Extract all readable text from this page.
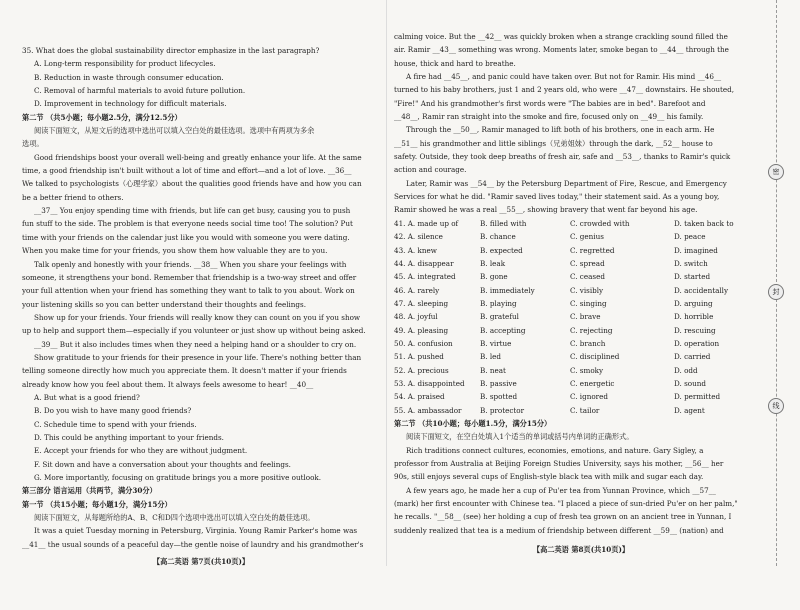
35. What does the global sustainability director emphasize in the last paragraph?

A. Long-term responsibility for product lifecycles.

B. Reduction in waste through consumer education.

C. Removal of harmful materials to avoid future pollution.

D. Improvement in technology for difficult materials.

第二节 （共5小题；每小题2.5分，满分12.5分）

阅读下面短文，从短文后的选项中选出可以填入空白处的最佳选项。选项中有两项为多余

选项。

Good friendships boost your overall well-being and greatly enhance your life. At the same

time, a good friendship isn't built without a lot of time and effort—and a lot of love. __36__

We talked to psychologists（心理学家）about the qualities good friends have and how you can

be a better friend to others.

__37__ You enjoy spending time with friends, but life can get busy, causing you to push

fun stuff to the side. The problem is that everyone needs social time too! The solution? Put

time with your friends on the calendar just like you would with someone you were dating.

When you make time for your friends, you show them how valuable they are to you.

Talk openly and honestly with your friends. __38__ When you share your feelings with

someone, it strengthens your bond. Remember that friendship is a two-way street and offer

your full attention when your friend has something they want to talk to you about. Work on

your listening skills so you can better understand their thoughts and feelings.

Show up for your friends. Your friends will really know they can count on you if you show

up to help and support them—especially if you volunteer or just show up without being asked.

__39__ But it also includes times when they need a helping hand or a shoulder to cry on.

Show gratitude to your friends for their presence in your life. There's nothing better than

telling someone directly how much you appreciate them. It doesn't matter if your friends

already know how you feel about them. It always feels awesome to hear! __40__

A. But what is a good friend?

B. Do you wish to have many good friends?

C. Schedule time to spend with your friends.

D. This could be anything important to your friends.

E. Accept your friends for who they are without judgment.

F. Sit down and have a conversation about your thoughts and feelings.

G. More importantly, focusing on gratitude brings you a more positive outlook.

第三部分 语言运用（共两节，满分30分）

第一节 （共15小题；每小题1分，满分15分）

阅读下面短文，从每题所给的A、B、C和D四个选项中选出可以填入空白处的最佳选项。

It was a quiet Tuesday morning in Petersburg, Virginia. Young Ramir Parker's home was

__41__ the usual sounds of a peaceful day—the gentle noise of laundry and his grandmother's

【高二英语 第7页(共10页)】

calming voice. But the __42__ was quickly broken when a strange crackling sound filled the

air. Ramir __43__ something was wrong. Moments later, smoke began to __44__ through the

house, thick and hard to breathe.

A fire had __45__, and panic could have taken over. But not for Ramir. His mind __46__

turned to his baby brothers, just 1 and 2 years old, who were __47__ downstairs. He shouted,

"Fire!" And his grandmother's first words were "The babies are in bed". Barefoot and

__48__, Ramir ran straight into the smoke and fire, focused only on __49__ his family.

Through the __50__, Ramir managed to lift both of his brothers, one in each arm. He

__51__ his grandmother and little siblings（兄弟姐妹）through the dark, __52__ house to

safety. Outside, they took deep breaths of fresh air, safe and __53__, thanks to Ramir's quick

action and courage.

Later, Ramir was __54__ by the Petersburg Department of Fire, Rescue, and Emergency

Services for what he did. "Ramir saved lives today," their statement said. As a young boy,

Ramir showed he was a real __55__, showing bravery that went far beyond his age.

41. A. made up of	B. filled with	C. crowded with	D. taken back to
42. A. silence	B. chance	C. genius	D. peace
43. A. knew	B. expected	C. regretted	D. imagined
44. A. disappear	B. leak	C. spread	D. switch
45. A. integrated	B. gone	C. ceased	D. started
46. A. rarely	B. immediately	C. visibly	D. accidentally
47. A. sleeping	B. playing	C. singing	D. arguing
48. A. joyful	B. grateful	C. brave	D. horrible
49. A. pleasing	B. accepting	C. rejecting	D. rescuing
50. A. confusion	B. virtue	C. branch	D. operation
51. A. pushed	B. led	C. disciplined	D. carried
52. A. precious	B. neat	C. smoky	D. odd
53. A. disappointed	B. passive	C. energetic	D. sound
54. A. praised	B. spotted	C. ignored	D. permitted
55. A. ambassador	B. protector	C. tailor	D. agent

第二节 （共10小题；每小题1.5分，满分15分）

阅读下面短文，在空白处填入1个适当的单词或括号内单词的正确形式。

Rich traditions connect cultures, economies, emotions, and nature. Gary Sigley, a

professor from Australia at Beijing Foreign Studies University, says his mother, __56__ her

90s, still enjoys several cups of English-style black tea with milk and sugar each day.

A few years ago, he made her a cup of Pu'er tea from Yunnan Province, which __57__

(mark) her first encounter with Chinese tea. "I placed a piece of sun-dried Pu'er on her palm,"

he recalls. "__58__ (see) her holding a cup of fresh tea grown on an ancient tree in Yunnan, I

suddenly realized that tea is a medium of friendship between different __59__ (nation) and

【高二英语 第8页(共10页)】

密
封
线
